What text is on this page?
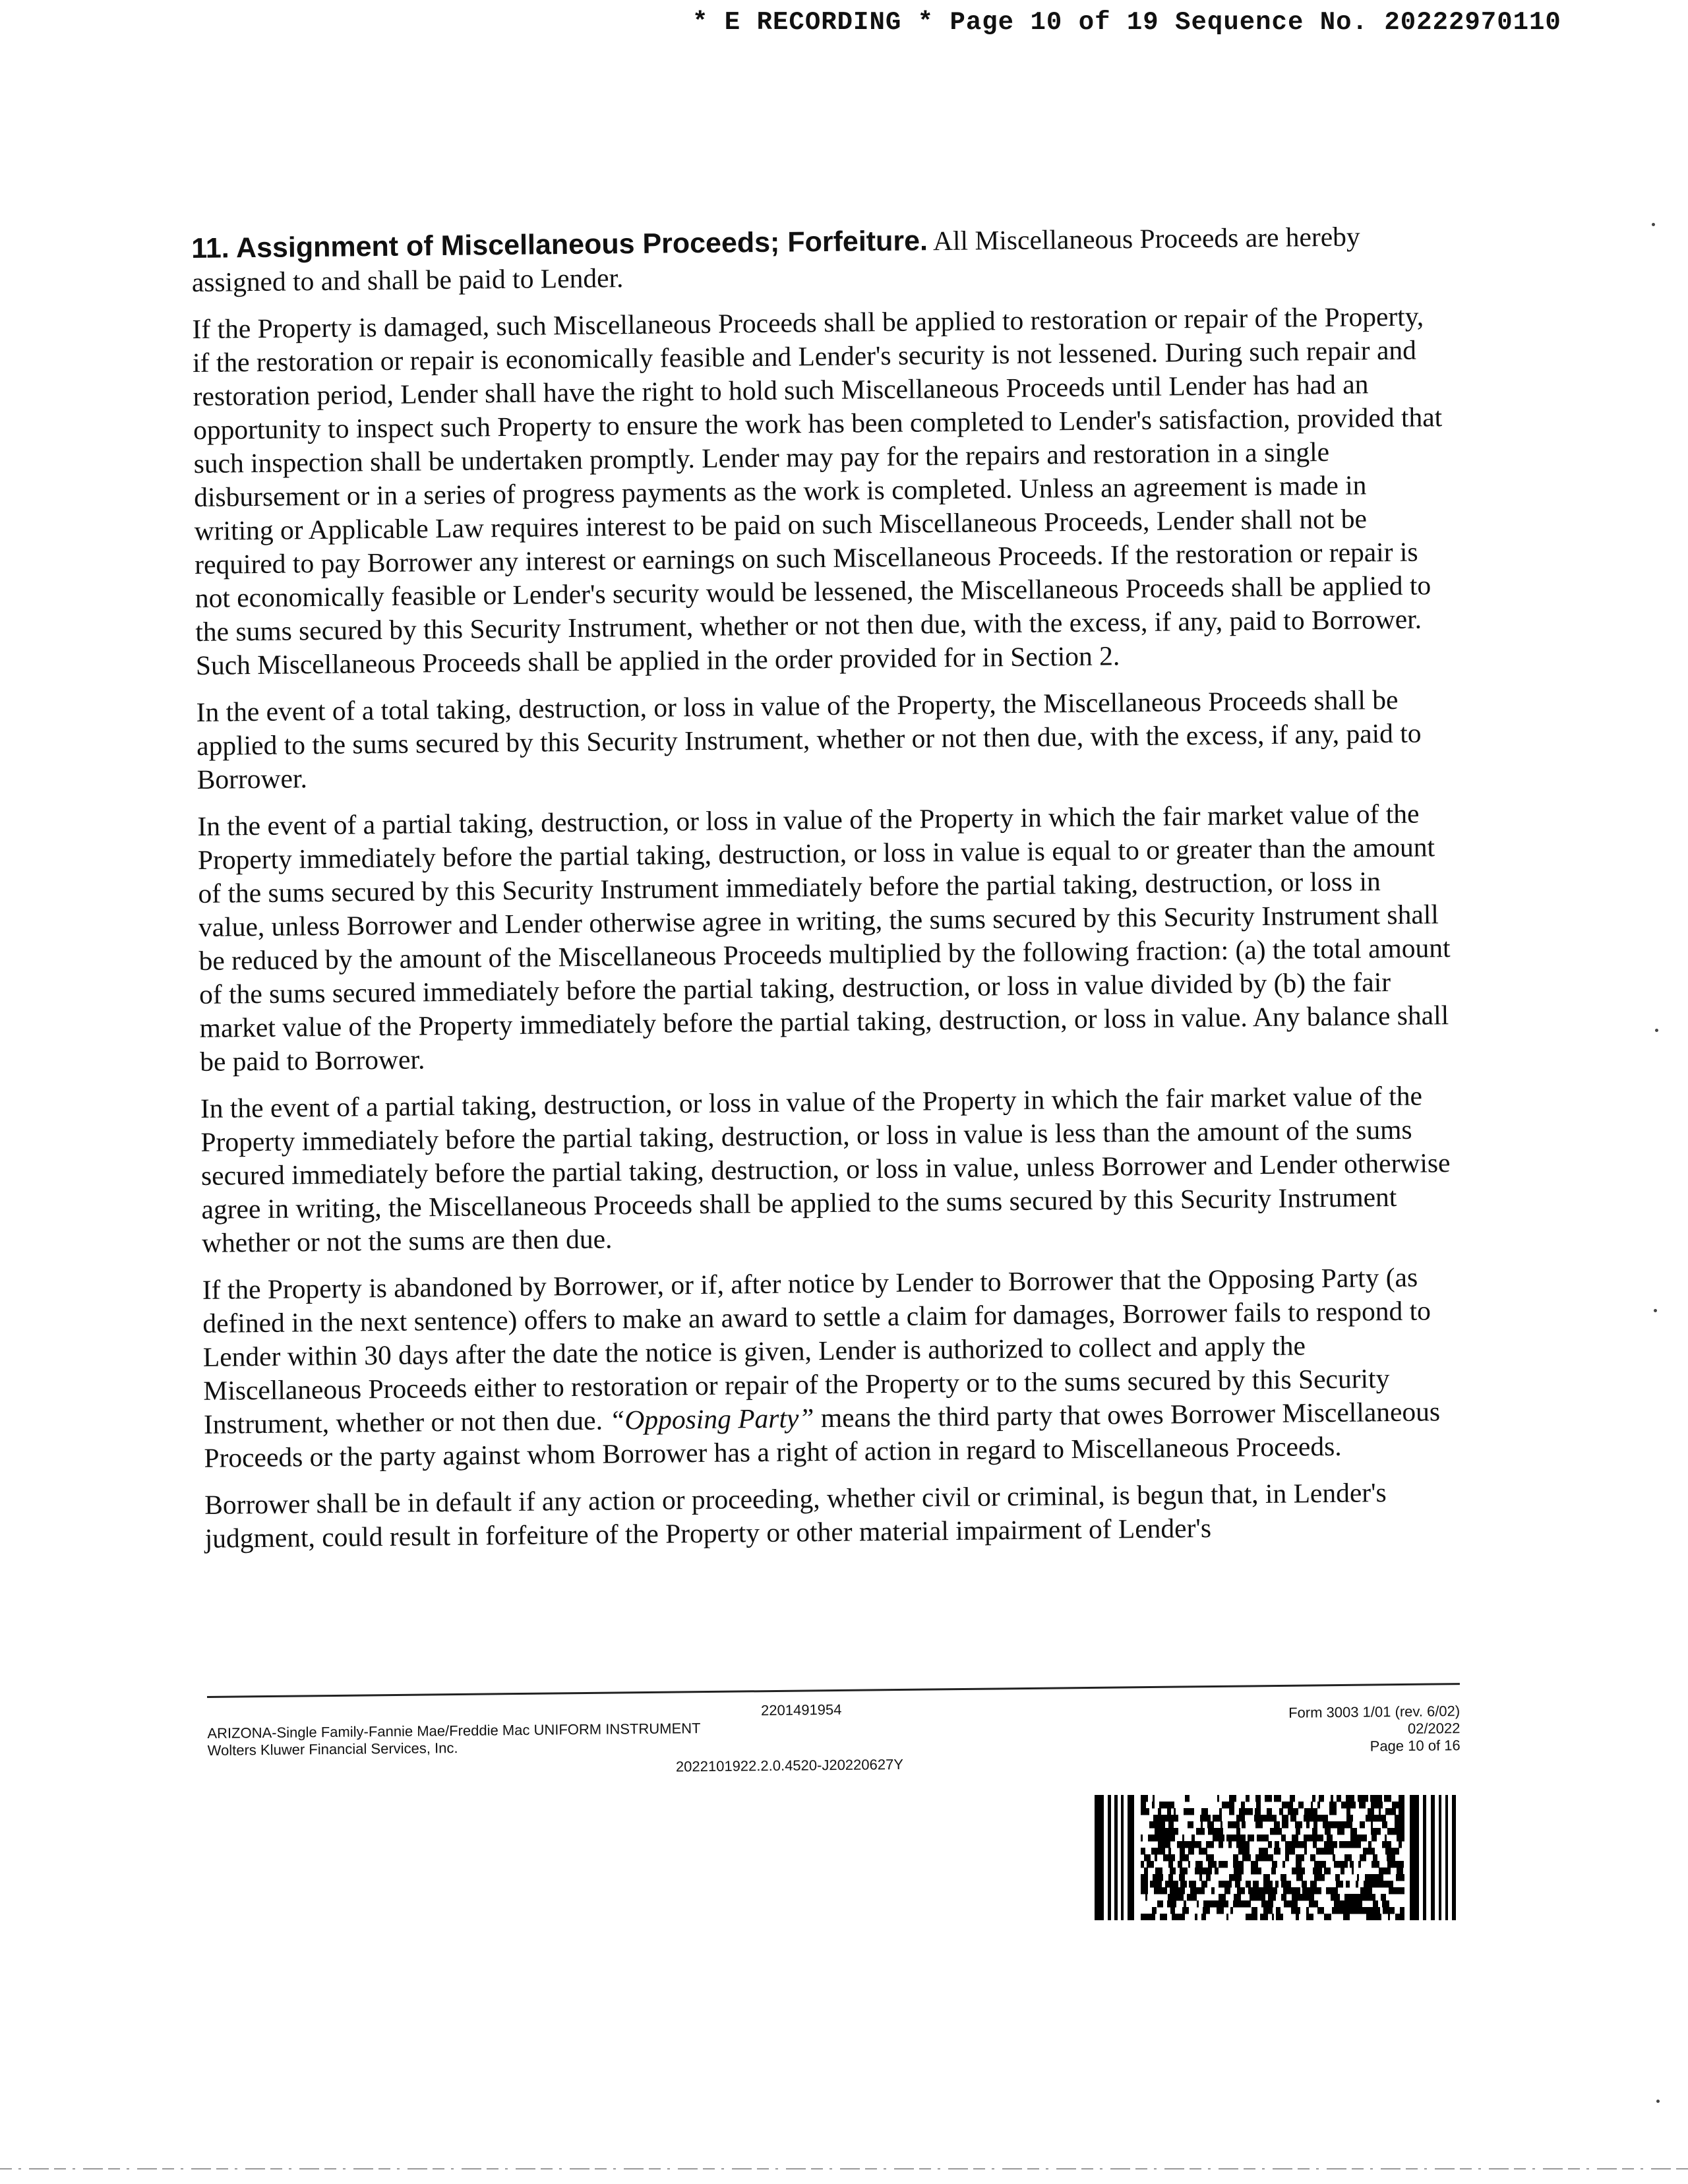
* E RECORDING * Page 10 of 19 Sequence No. 20222970110

11. Assignment of Miscellaneous Proceeds; Forfeiture. All Miscellaneous Proceeds are hereby assigned to and shall be paid to Lender.

If the Property is damaged, such Miscellaneous Proceeds shall be applied to restoration or repair of the Property, if the restoration or repair is economically feasible and Lender's security is not lessened. During such repair and restoration period, Lender shall have the right to hold such Miscellaneous Proceeds until Lender has had an opportunity to inspect such Property to ensure the work has been completed to Lender's satisfaction, provided that such inspection shall be undertaken promptly. Lender may pay for the repairs and restoration in a single disbursement or in a series of progress payments as the work is completed. Unless an agreement is made in writing or Applicable Law requires interest to be paid on such Miscellaneous Proceeds, Lender shall not be required to pay Borrower any interest or earnings on such Miscellaneous Proceeds. If the restoration or repair is not economically feasible or Lender's security would be lessened, the Miscellaneous Proceeds shall be applied to the sums secured by this Security Instrument, whether or not then due, with the excess, if any, paid to Borrower. Such Miscellaneous Proceeds shall be applied in the order provided for in Section 2.

In the event of a total taking, destruction, or loss in value of the Property, the Miscellaneous Proceeds shall be applied to the sums secured by this Security Instrument, whether or not then due, with the excess, if any, paid to Borrower.

In the event of a partial taking, destruction, or loss in value of the Property in which the fair market value of the Property immediately before the partial taking, destruction, or loss in value is equal to or greater than the amount of the sums secured by this Security Instrument immediately before the partial taking, destruction, or loss in value, unless Borrower and Lender otherwise agree in writing, the sums secured by this Security Instrument shall be reduced by the amount of the Miscellaneous Proceeds multiplied by the following fraction: (a) the total amount of the sums secured immediately before the partial taking, destruction, or loss in value divided by (b) the fair market value of the Property immediately before the partial taking, destruction, or loss in value. Any balance shall be paid to Borrower.

In the event of a partial taking, destruction, or loss in value of the Property in which the fair market value of the Property immediately before the partial taking, destruction, or loss in value is less than the amount of the sums secured immediately before the partial taking, destruction, or loss in value, unless Borrower and Lender otherwise agree in writing, the Miscellaneous Proceeds shall be applied to the sums secured by this Security Instrument whether or not the sums are then due.

If the Property is abandoned by Borrower, or if, after notice by Lender to Borrower that the Opposing Party (as defined in the next sentence) offers to make an award to settle a claim for damages, Borrower fails to respond to Lender within 30 days after the date the notice is given, Lender is authorized to collect and apply the Miscellaneous Proceeds either to restoration or repair of the Property or to the sums secured by this Security Instrument, whether or not then due. “Opposing Party” means the third party that owes Borrower Miscellaneous Proceeds or the party against whom Borrower has a right of action in regard to Miscellaneous Proceeds.

Borrower shall be in default if any action or proceeding, whether civil or criminal, is begun that, in Lender's judgment, could result in forfeiture of the Property or other material impairment of Lender's

2201491954
ARIZONA-Single Family-Fannie Mae/Freddie Mac UNIFORM INSTRUMENT
Wolters Kluwer Financial Services, Inc.
2022101922.2.0.4520-J20220627Y
Form 3003 1/01 (rev. 6/02)
02/2022
Page 10 of 16
